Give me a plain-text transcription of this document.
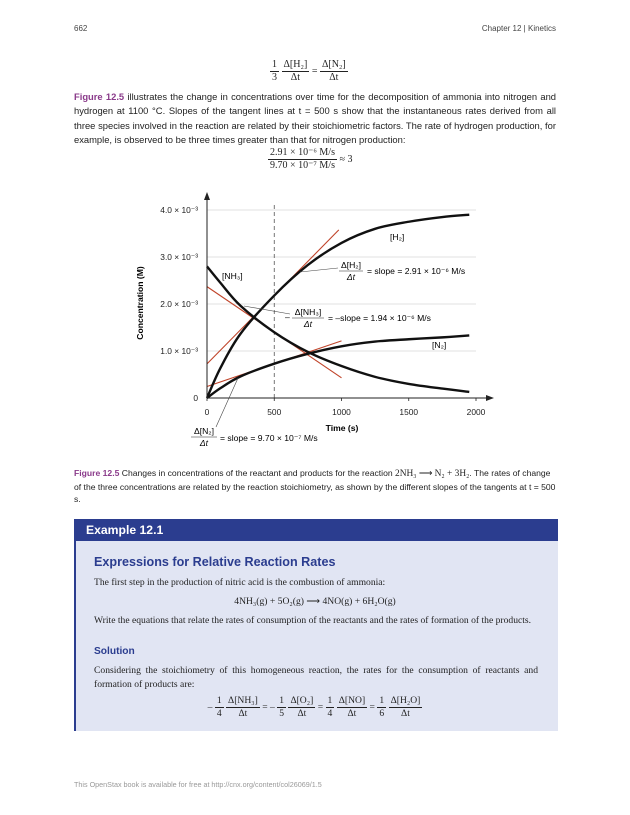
662	Chapter 12 | Kinetics
$\frac{1}{3}$
$\frac{\text{Δ[H₂]}}{\Delta t} = \frac{\text{Δ[N₂]}}{\Delta t}$
Figure 12.5 illustrates the change in concentrations over time for the decomposition of ammonia into nitrogen and hydrogen at 1100 °C. Slopes of the tangent lines at t = 500 s show that the instantaneous rates derived from all three species involved in the reaction are related by their stoichiometric factors. The rate of hydrogen production, for example, is observed to be three times greater than that for nitrogen production:
$\frac{\text{2.91 × 10⁻⁶ M/s}}{\text{9.70 × 10⁻⁷ M/s}} \approx 3$
0
1.0 × 10⁻³
2.0 × 10⁻³
3.0 × 10⁻³
4.0 × 10⁻³
0	500	1000	1500	2000
Time (s)
Concentration (M)
[H₂]
[NH₃]
[N₂]
Δ[H₂]
Δt
= slope = 2.91 × 10⁻⁶ M/s
– Δ[NH₃]
Δt
= –slope = 1.94 × 10⁻⁶ M/s
Δ[N₂]
Δt = slope = 9.70 × 10⁻⁷ M/s
Figure 12.5 Changes in concentrations of the reactant and products for the reaction 2NH₃ ⟶ N₂ + 3H₂. The rates of change of the three concentrations are related by the reaction stoichiometry, as shown by the different slopes of the tangents at t = 500 s.
Example 12.1
Expressions for Relative Reaction Rates
The first step in the production of nitric acid is the combustion of ammonia:
4NH₃(g) + 5O₂(g) ⟶ 4NO(g) + 6H₂O(g)
Write the equations that relate the rates of consumption of the reactants and the rates of formation of the products.
Solution
Considering the stoichiometry of this homogeneous reaction, the rates for the consumption of reactants and formation of products are:
– $\frac{1}{4}$
$\frac{\text{Δ[NH₃]}}{\Delta t}$ = – $\frac{1}{5}$
$\frac{\text{Δ[O₂]}}{\Delta t} = \frac{1}{4}$
$\frac{\Delta[NO]}{\Delta t} = \frac{1}{6}$
$\frac{\text{Δ[H₂O]}}{\Delta t}$
This OpenStax book is available for free at http://cnx.org/content/col26069/1.5
